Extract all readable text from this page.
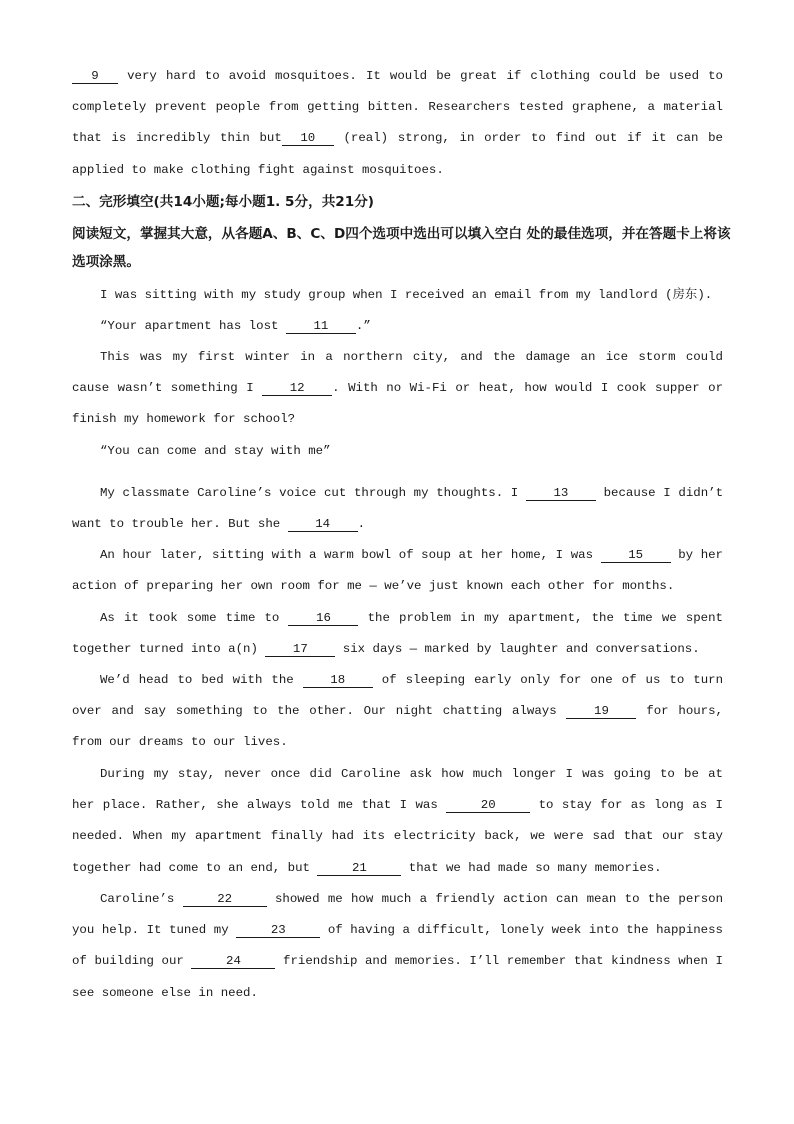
9 very hard to avoid mosquitoes. It would be great if clothing could be used to completely prevent people from getting bitten. Researchers tested graphene, a material that is incredibly thin but 10 (real) strong, in order to find out if it can be applied to make clothing fight against mosquitoes.
二、完形填空(共14小题;每小题1. 5分，共21分)
阅读短文，掌握其大意，从各题A、B、C、D四个选项中选出可以填入空白 处的最佳选项，并在答题卡上将该选项涂黑。
I was sitting with my study group when I received an email from my landlord (房东).
“Your apartment has lost 11 .”
This was my first winter in a northern city, and the damage an ice storm could cause wasn’t something I 12 . With no Wi-Fi or heat, how would I cook supper or finish my homework for school?
“You can come and stay with me”
My classmate Caroline’s voice cut through my thoughts. I 13 because I didn’t want to trouble her. But she 14 .
An hour later, sitting with a warm bowl of soup at her home, I was 15 by her action of preparing her own room for me — we’ve just known each other for months.
As it took some time to 16 the problem in my apartment, the time we spent together turned into a(n) 17 six days — marked by laughter and conversations.
We’d head to bed with the 18 of sleeping early only for one of us to turn over and say something to the other. Our night chatting always 19 for hours, from our dreams to our lives.
During my stay, never once did Caroline ask how much longer I was going to be at her place. Rather, she always told me that I was	20	to stay for as long as I needed. When my apartment finally had its electricity back, we were sad that our stay together had come to an end, but	21	that we had made so many memories.
Caroline’s	22	showed me how much a friendly action can mean to the person you help. It tuned my	23	of having a difficult, lonely week into the happiness of building our	24	friendship and memories. I’ll remember that kindness when I see someone else in need.
